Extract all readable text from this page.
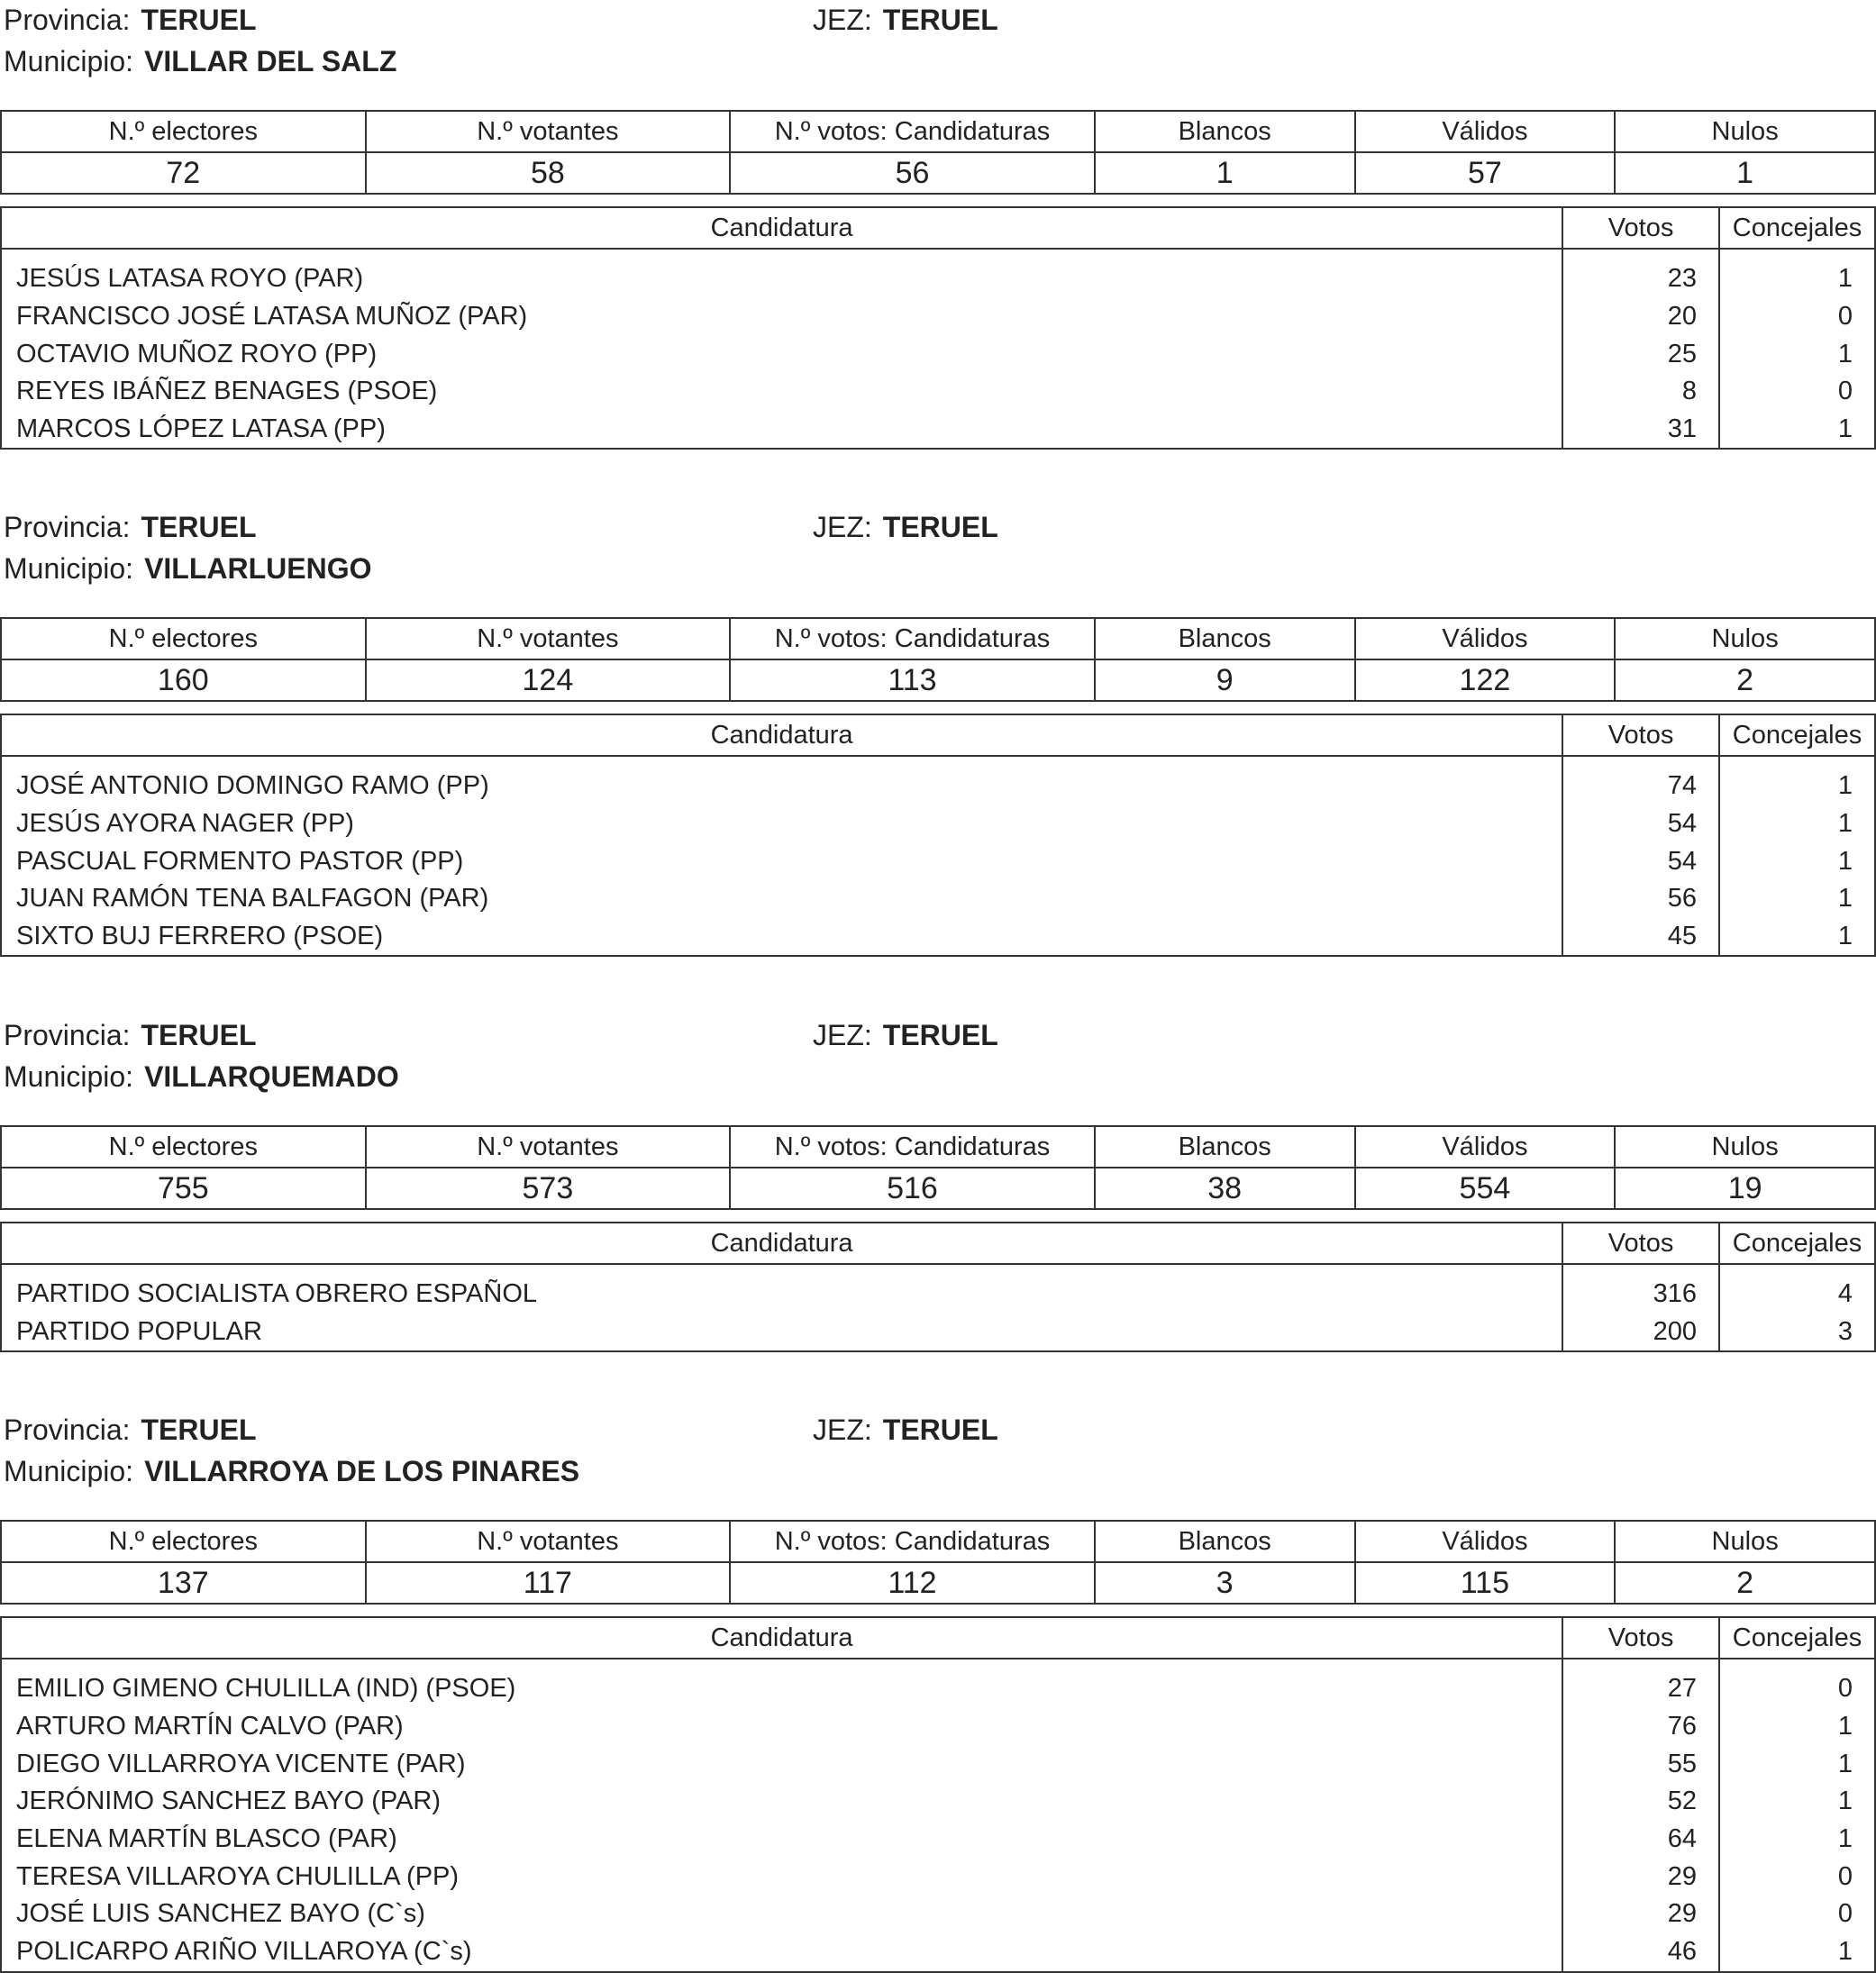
Provincia: TERUEL	JEZ: TERUEL
Municipio: VILLAR DEL SALZ
N.º electores	N.º votantes	N.º votos: Candidaturas	Blancos	Válidos	Nulos
72	58	56	1	57	1
Candidatura	Votos	Concejales
JESÚS LATASA ROYO (PAR)	23	1
FRANCISCO JOSÉ LATASA MUÑOZ (PAR)	20	0
OCTAVIO MUÑOZ ROYO (PP)	25	1
REYES IBÁÑEZ BENAGES (PSOE)	8	0
MARCOS LÓPEZ LATASA (PP)	31	1
Provincia: TERUEL	JEZ: TERUEL
Municipio: VILLARLUENGO
N.º electores	N.º votantes	N.º votos: Candidaturas	Blancos	Válidos	Nulos
160	124	113	9	122	2
Candidatura	Votos	Concejales
JOSÉ ANTONIO DOMINGO RAMO (PP)	74	1
JESÚS AYORA NAGER (PP)	54	1
PASCUAL FORMENTO PASTOR (PP)	54	1
JUAN RAMÓN TENA BALFAGON (PAR)	56	1
SIXTO BUJ FERRERO (PSOE)	45	1
Provincia: TERUEL	JEZ: TERUEL
Municipio: VILLARQUEMADO
N.º electores	N.º votantes	N.º votos: Candidaturas	Blancos	Válidos	Nulos
755	573	516	38	554	19
Candidatura	Votos	Concejales
PARTIDO SOCIALISTA OBRERO ESPAÑOL	316	4
PARTIDO POPULAR	200	3
Provincia: TERUEL	JEZ: TERUEL
Municipio: VILLARROYA DE LOS PINARES
N.º electores	N.º votantes	N.º votos: Candidaturas	Blancos	Válidos	Nulos
137	117	112	3	115	2
Candidatura	Votos	Concejales
EMILIO GIMENO CHULILLA (IND) (PSOE)	27	0
ARTURO MARTÍN CALVO (PAR)	76	1
DIEGO VILLARROYA VICENTE (PAR)	55	1
JERÓNIMO SANCHEZ BAYO (PAR)	52	1
ELENA MARTÍN BLASCO (PAR)	64	1
TERESA VILLAROYA CHULILLA (PP)	29	0
JOSÉ LUIS SANCHEZ BAYO (C`s)	29	0
POLICARPO ARIÑO VILLAROYA (C`s)	46	1
